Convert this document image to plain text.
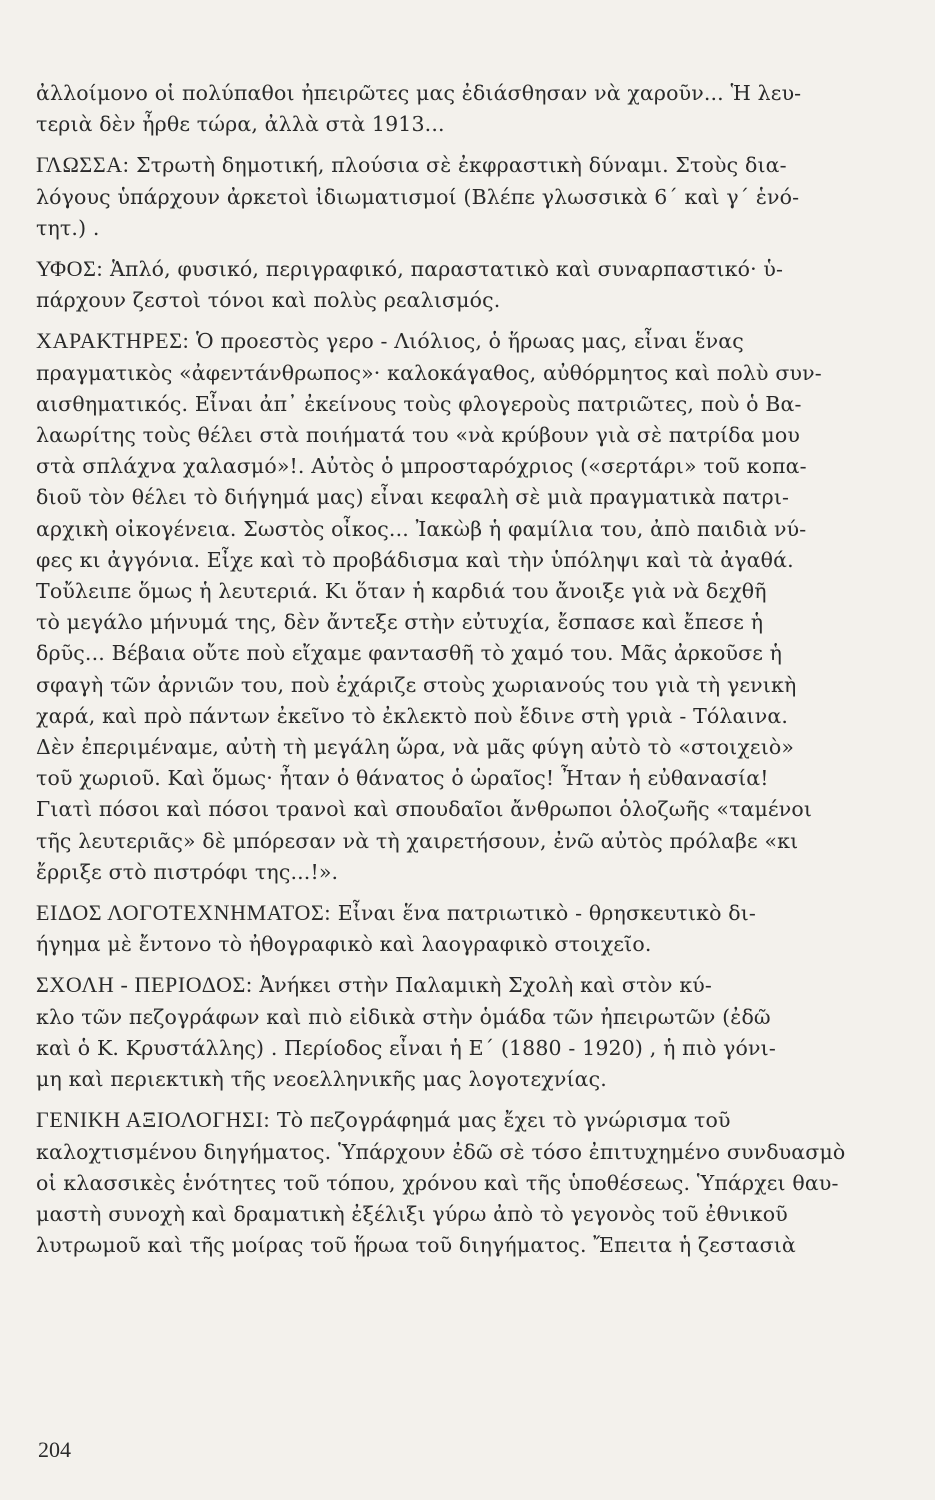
ἀλλοίμονο οἱ πολύπαθοι ἠπειρῶτες μας ἐδιάσθησαν νὰ χαροῦν... Ἡ λευ-
τεριὰ δὲν ἦρθε τώρα, ἀλλὰ στὰ 1913...
ΓΛΩΣΣΑ: Στρωτὴ δημοτική, πλούσια σὲ ἐκφραστικὴ δύναμι. Στοὺς δια-
λόγους ὑπάρχουν ἀρκετοὶ ἰδιωματισμοί (Βλέπε γλωσσικὰ 6΄ καὶ γ΄ ἑνό-
τητ.) .
ΥΦΟΣ: Ἁπλό, φυσικό, περιγραφικό, παραστατικὸ καὶ συναρπαστικό· ὑ-
πάρχουν ζεστοὶ τόνοι καὶ πολὺς ρεαλισμός.
ΧΑΡΑΚΤΗΡΕΣ: Ὁ προεστὸς γερο - Λιόλιος, ὁ ἥρωας μας, εἶναι ἕνας
πραγματικὸς «ἀφεντάνθρωπος»· καλοκάγαθος, αὐθόρμητος καὶ πολὺ συν-
αισθηματικός. Εἶναι ἀπ᾿ ἐκείνους τοὺς φλογεροὺς πατριῶτες, ποὺ ὁ Βα-
λαωρίτης τοὺς θέλει στὰ ποιήματά του «νὰ κρύβουν γιὰ σὲ πατρίδα μου
στὰ σπλάχνα χαλασμό»!. Αὐτὸς ὁ μπροσταρόχριος («σερτάρι» τοῦ κοπα-
διοῦ τὸν θέλει τὸ διήγημά μας) εἶναι κεφαλὴ σὲ μιὰ πραγματικὰ πατρι-
αρχικὴ οἰκογένεια. Σωστὸς οἶκος... Ἰακὼβ ἡ φαμίλια του, ἀπὸ παιδιὰ νύ-
φες κι ἀγγόνια. Εἶχε καὶ τὸ προβάδισμα καὶ τὴν ὑπόληψι καὶ τὰ ἀγαθά.
Τοὔλειπε ὅμως ἡ λευτεριά. Κι ὅταν ἡ καρδιά του ἄνοιξε γιὰ νὰ δεχθῆ
τὸ μεγάλο μήνυμά της, δὲν ἄντεξε στὴν εὐτυχία, ἔσπασε καὶ ἔπεσε ἡ
δρῦς... Βέβαια οὔτε ποὺ εἴχαμε φαντασθῆ τὸ χαμό του. Μᾶς ἀρκοῦσε ἡ
σφαγὴ τῶν ἀρνιῶν του, ποὺ ἐχάριζε στοὺς χωριανούς του γιὰ τὴ γενικὴ
χαρά, καὶ πρὸ πάντων ἐκεῖνο τὸ ἐκλεκτὸ ποὺ ἔδινε στὴ γριὰ - Τόλαινα.
Δὲν ἐπεριμέναμε, αὐτὴ τὴ μεγάλη ὥρα, νὰ μᾶς φύγη αὐτὸ τὸ «στοιχειὸ»
τοῦ χωριοῦ. Καὶ ὅμως· ἦταν ὁ θάνατος ὁ ὡραῖος! Ἦταν ἡ εὐθανασία!
Γιατὶ πόσοι καὶ πόσοι τρανοὶ καὶ σπουδαῖοι ἄνθρωποι ὁλοζωῆς «ταμένοι
τῆς λευτεριᾶς» δὲ μπόρεσαν νὰ τὴ χαιρετήσουν, ἐνῶ αὐτὸς πρόλαβε «κι
ἔρριξε στὸ πιστρόφι της...!».
ΕΙΔΟΣ ΛΟΓΟΤΕΧΝΗΜΑΤΟΣ: Εἶναι ἕνα πατριωτικὸ - θρησκευτικὸ δι-
ήγημα μὲ ἔντονο τὸ ἠθογραφικὸ καὶ λαογραφικὸ στοιχεῖο.
ΣΧΟΛΗ - ΠΕΡΙΟΔΟΣ: Ἀνήκει στὴν Παλαμικὴ Σχολὴ καὶ στὸν κύ-
κλο τῶν πεζογράφων καὶ πιὸ εἰδικὰ στὴν ὁμάδα τῶν ἠπειρωτῶν (ἐδῶ
καὶ ὁ Κ. Κρυστάλλης) . Περίοδος εἶναι ἡ Ε΄ (1880 - 1920) , ἡ πιὸ γόνι-
μη καὶ περιεκτικὴ τῆς νεοελληνικῆς μας λογοτεχνίας.
ΓΕΝΙΚΗ ΑΞΙΟΛΟΓΗΣΙ: Τὸ πεζογράφημά μας ἔχει τὸ γνώρισμα τοῦ
καλοχτισμένου διηγήματος. Ὑπάρχουν ἐδῶ σὲ τόσο ἐπιτυχημένο συνδυασμὸ
οἱ κλασσικὲς ἑνότητες τοῦ τόπου, χρόνου καὶ τῆς ὑποθέσεως. Ὑπάρχει θαυ-
μαστὴ συνοχὴ καὶ δραματικὴ ἐξέλιξι γύρω ἀπὸ τὸ γεγονὸς τοῦ ἐθνικοῦ
λυτρωμοῦ καὶ τῆς μοίρας τοῦ ἥρωα τοῦ διηγήματος. Ἔπειτα ἡ ζεστασιὰ
204
